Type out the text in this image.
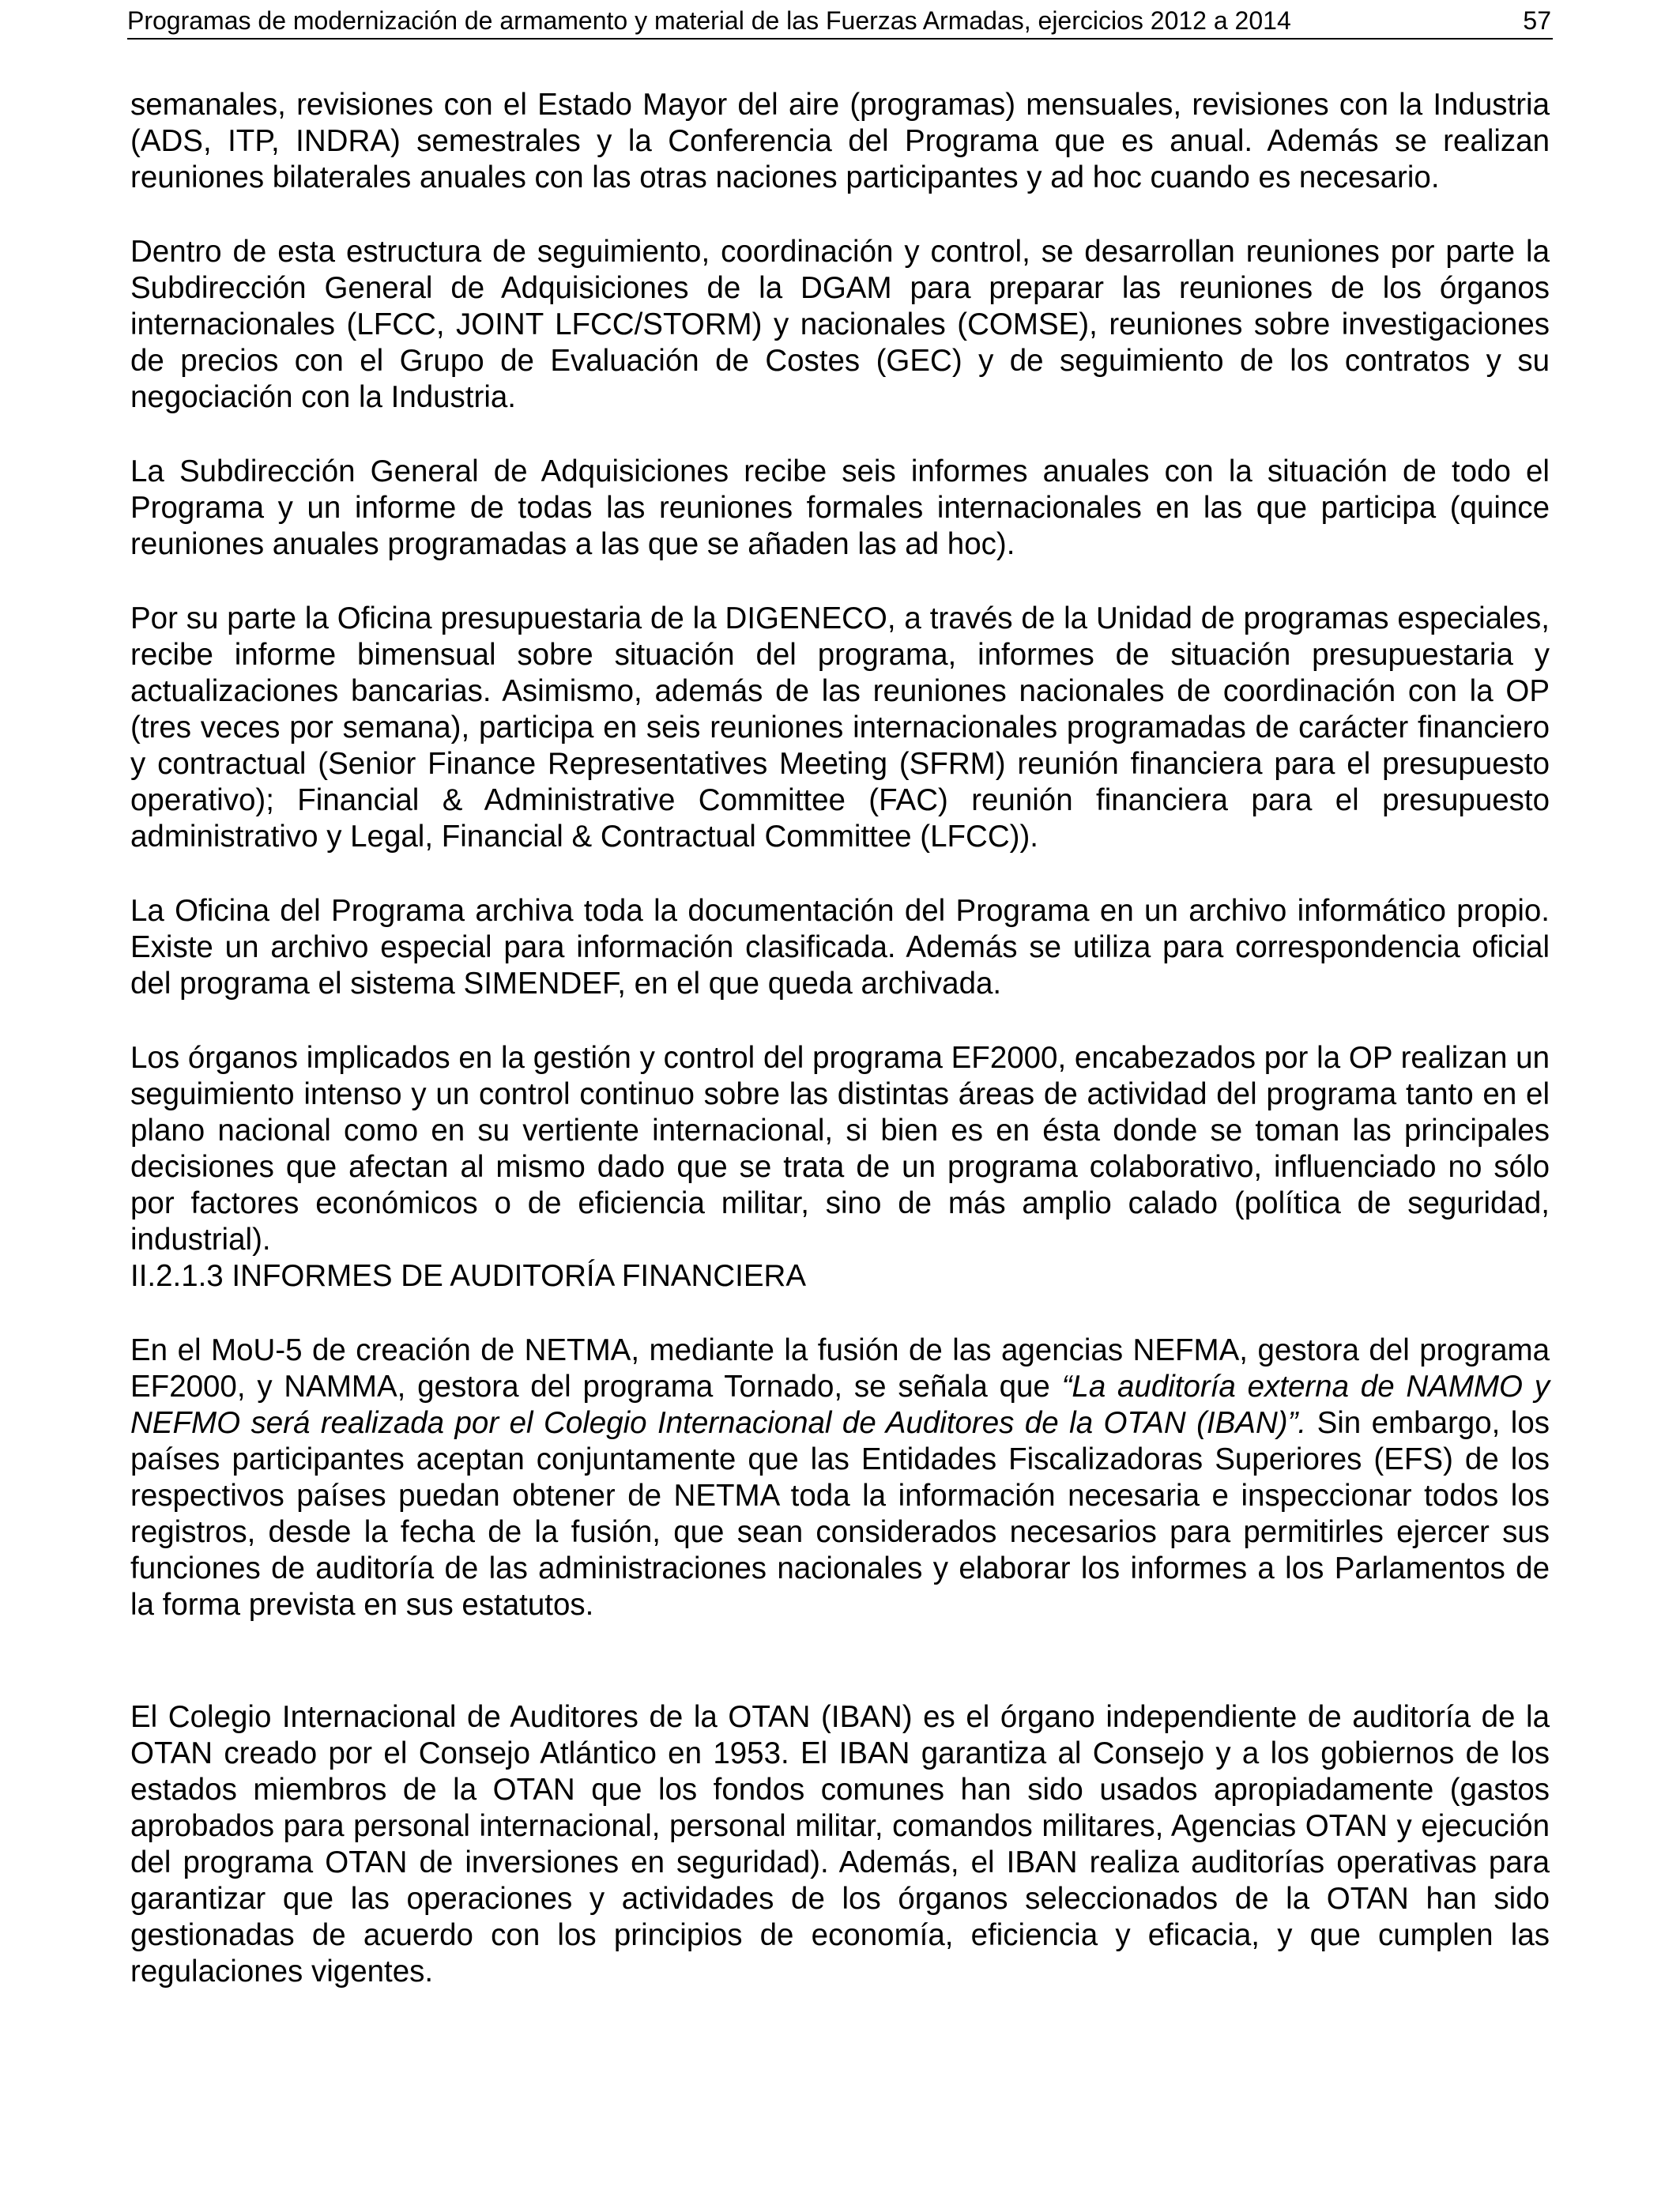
Programas de modernización de armamento y material de las Fuerzas Armadas, ejercicios 2012 a 2014	57

semanales, revisiones con el Estado Mayor del aire (programas) mensuales, revisiones con la Industria (ADS, ITP, INDRA) semestrales y la Conferencia del Programa que es anual. Además se realizan reuniones bilaterales anuales con las otras naciones participantes y ad hoc cuando es necesario.

Dentro de esta estructura de seguimiento, coordinación y control, se desarrollan reuniones por parte la Subdirección General de Adquisiciones de la DGAM para preparar las reuniones de los órganos internacionales (LFCC, JOINT LFCC/STORM) y nacionales (COMSE), reuniones sobre investigaciones de precios con el Grupo de Evaluación de Costes (GEC) y de seguimiento de los contratos y su negociación con la Industria.

La Subdirección General de Adquisiciones recibe seis informes anuales con la situación de todo el Programa y un informe de todas las reuniones formales internacionales en las que participa (quince reuniones anuales programadas a las que se añaden las ad hoc).

Por su parte la Oficina presupuestaria de la DIGENECO, a través de la Unidad de programas especiales, recibe informe bimensual sobre situación del programa, informes de situación presupuestaria y actualizaciones bancarias. Asimismo, además de las reuniones nacionales de coordinación con la OP (tres veces por semana), participa en seis reuniones internacionales programadas de carácter financiero y contractual (Senior Finance Representatives Meeting (SFRM) reunión financiera para el presupuesto operativo); Financial & Administrative Committee (FAC) reunión financiera para el presupuesto administrativo y Legal, Financial & Contractual Committee (LFCC)).

La Oficina del Programa archiva toda la documentación del Programa en un archivo informático propio. Existe un archivo especial para información clasificada. Además se utiliza para correspondencia oficial del programa el sistema SIMENDEF, en el que queda archivada.

Los órganos implicados en la gestión y control del programa EF2000, encabezados por la OP realizan un seguimiento intenso y un control continuo sobre las distintas áreas de actividad del programa tanto en el plano nacional como en su vertiente internacional, si bien es en ésta donde se toman las principales decisiones que afectan al mismo dado que se trata de un programa colaborativo, influenciado no sólo por factores económicos o de eficiencia militar, sino de más amplio calado (política de seguridad, industrial).

II.2.1.3 INFORMES DE AUDITORÍA FINANCIERA

En el MoU-5 de creación de NETMA, mediante la fusión de las agencias NEFMA, gestora del programa EF2000, y NAMMA, gestora del programa Tornado, se señala que “La auditoría externa de NAMMO y NEFMO será realizada por el Colegio Internacional de Auditores de la OTAN (IBAN)”. Sin embargo, los países participantes aceptan conjuntamente que las Entidades Fiscalizadoras Superiores (EFS) de los respectivos países puedan obtener de NETMA toda la información necesaria e inspeccionar todos los registros, desde la fecha de la fusión, que sean considerados necesarios para permitirles ejercer sus funciones de auditoría de las administraciones nacionales y elaborar los informes a los Parlamentos de la forma prevista en sus estatutos.

El Colegio Internacional de Auditores de la OTAN (IBAN) es el órgano independiente de auditoría de la OTAN creado por el Consejo Atlántico en 1953. El IBAN garantiza al Consejo y a los gobiernos de los estados miembros de la OTAN que los fondos comunes han sido usados apropiadamente (gastos aprobados para personal internacional, personal militar, comandos militares, Agencias OTAN y ejecución del programa OTAN de inversiones en seguridad). Además, el IBAN realiza auditorías operativas para garantizar que las operaciones y actividades de los órganos seleccionados de la OTAN han sido gestionadas de acuerdo con los principios de economía, eficiencia y eficacia, y que cumplen las regulaciones vigentes.
